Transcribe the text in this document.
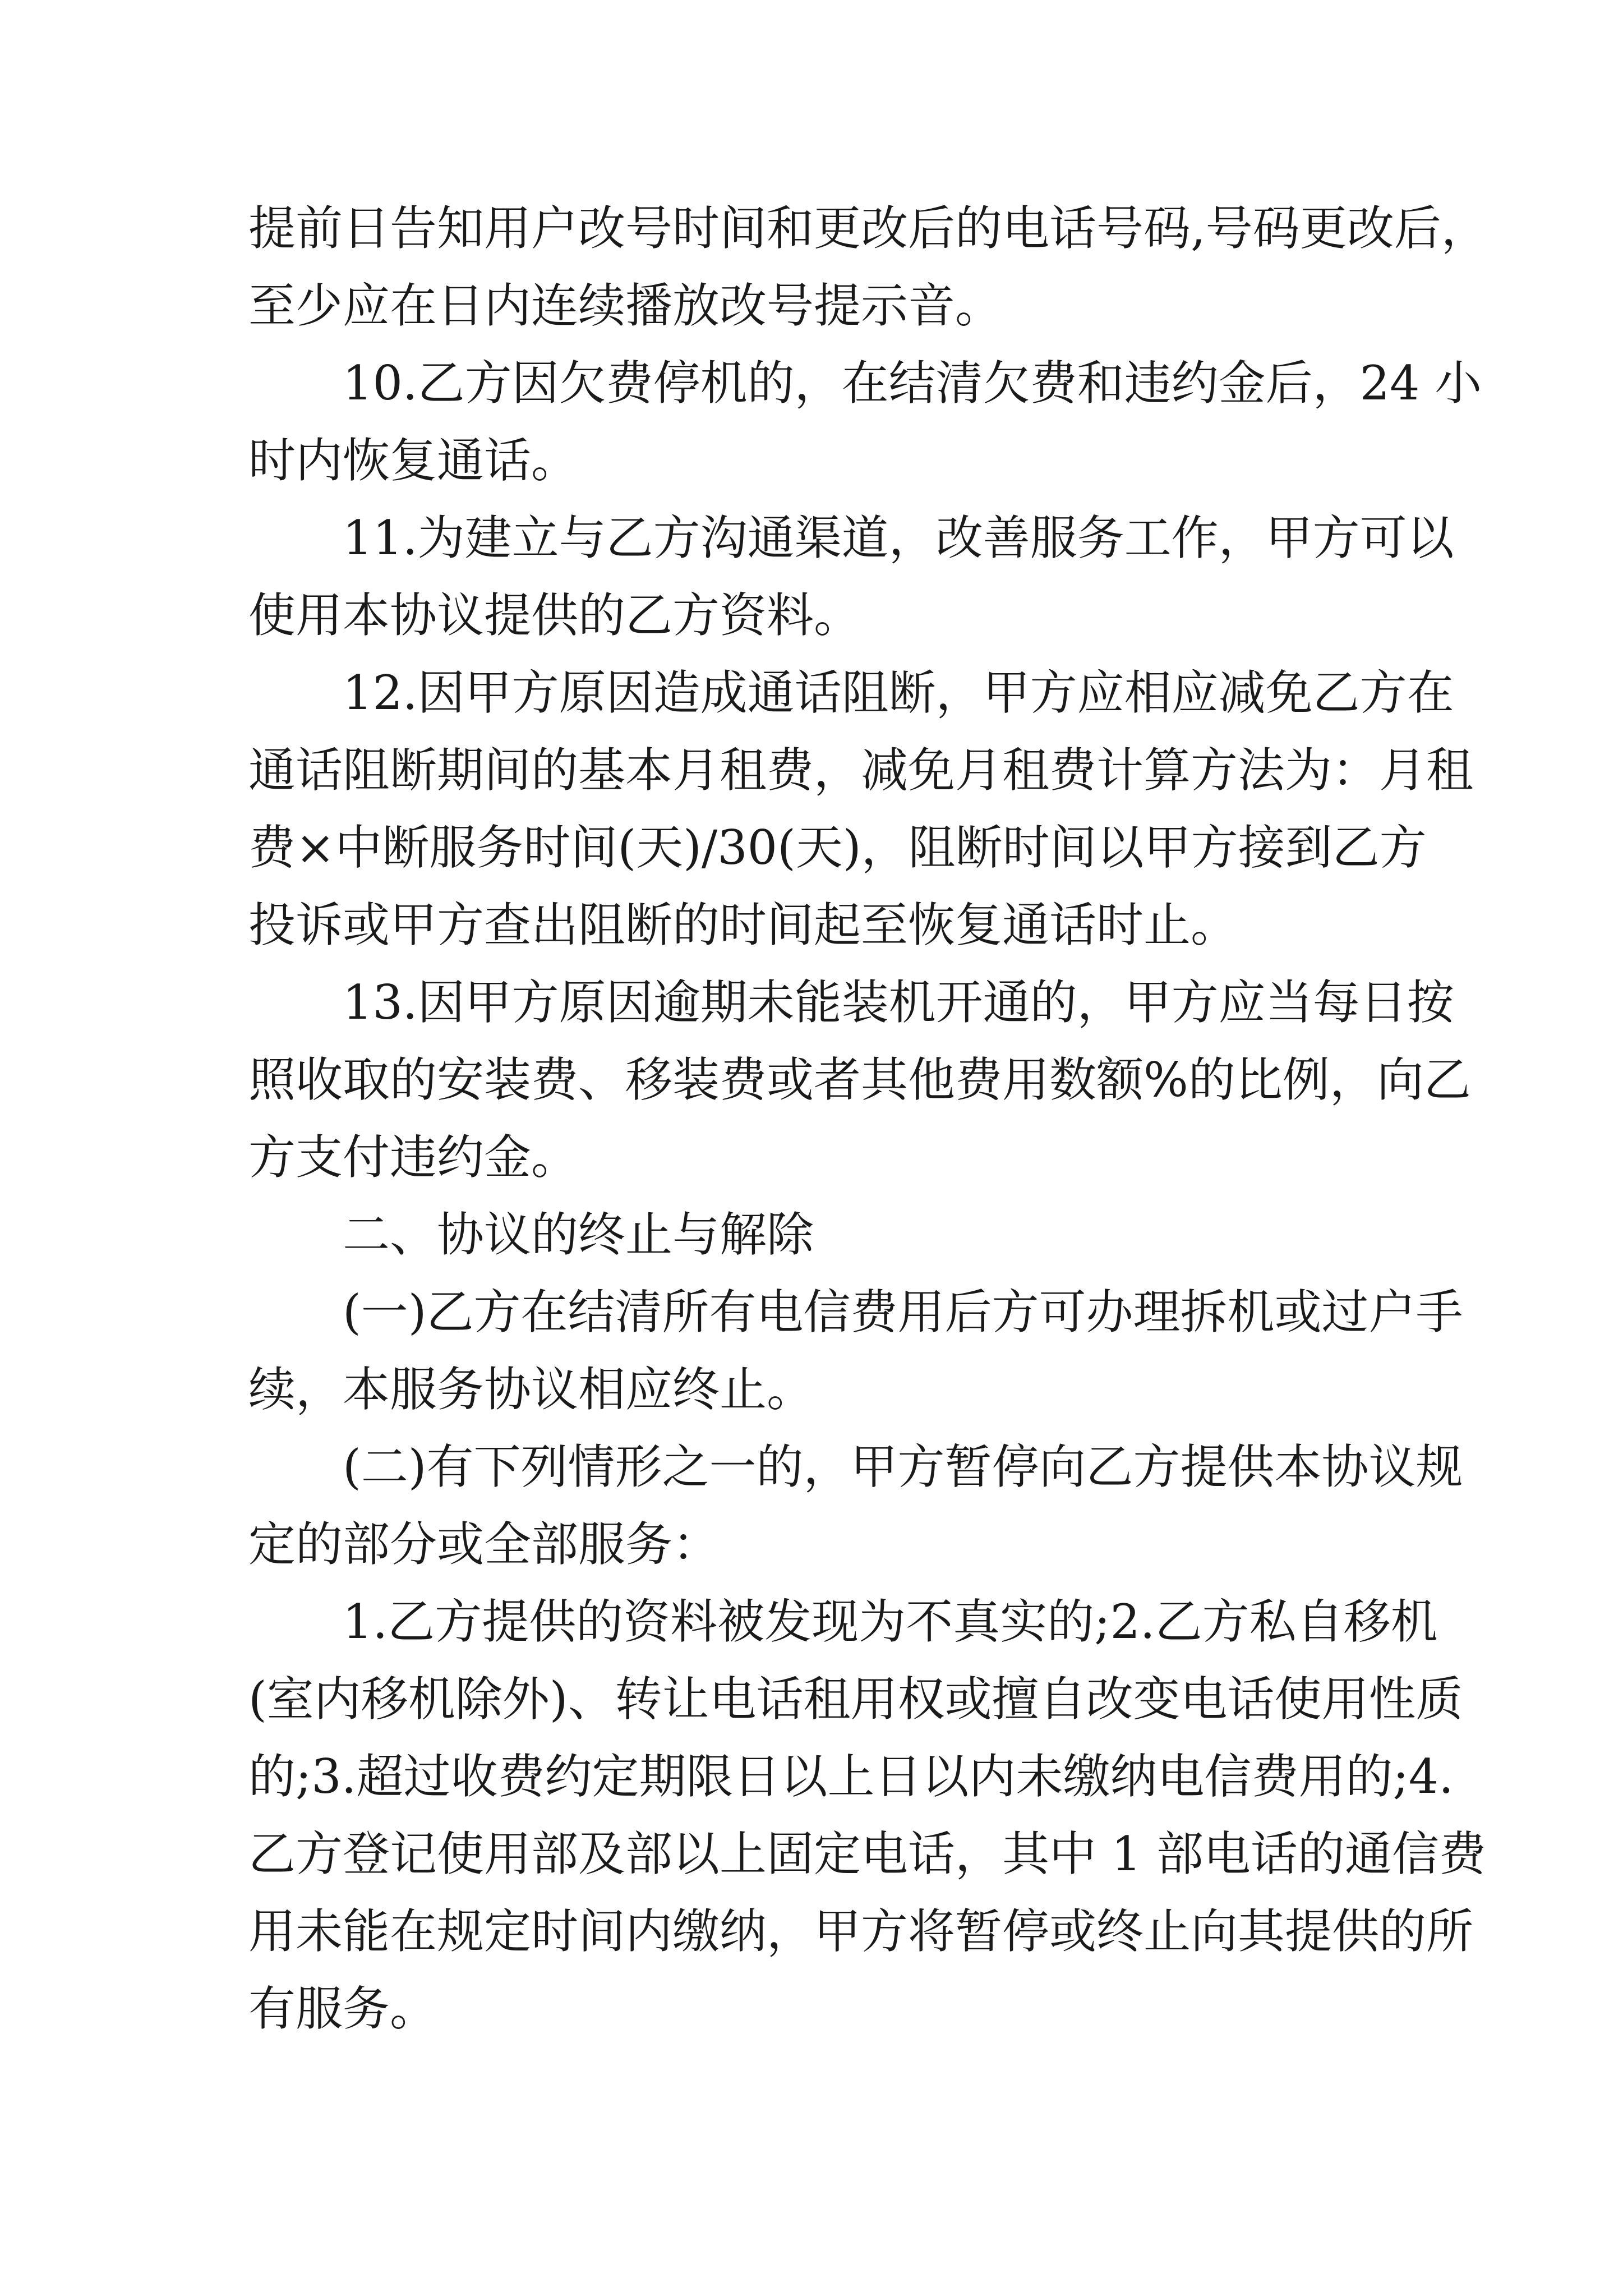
提前日告知用户改号时间和更改后的电话号码,号码更改后，
至少应在日内连续播放改号提示音。

10.乙方因欠费停机的，在结清欠费和违约金后，24 小
时内恢复通话。

11.为建立与乙方沟通渠道，改善服务工作，甲方可以
使用本协议提供的乙方资料。

12.因甲方原因造成通话阻断，甲方应相应减免乙方在
通话阻断期间的基本月租费，减免月租费计算方法为：月租
费×中断服务时间(天)/30(天)，阻断时间以甲方接到乙方
投诉或甲方查出阻断的时间起至恢复通话时止。

13.因甲方原因逾期未能装机开通的，甲方应当每日按
照收取的安装费、移装费或者其他费用数额%的比例，向乙
方支付违约金。

二、协议的终止与解除

(一)乙方在结清所有电信费用后方可办理拆机或过户手
续，本服务协议相应终止。

(二)有下列情形之一的，甲方暂停向乙方提供本协议规
定的部分或全部服务：

1.乙方提供的资料被发现为不真实的;2.乙方私自移机
(室内移机除外)、转让电话租用权或擅自改变电话使用性质
的;3.超过收费约定期限日以上日以内未缴纳电信费用的;4.
乙方登记使用部及部以上固定电话，其中 1 部电话的通信费
用未能在规定时间内缴纳，甲方将暂停或终止向其提供的所
有服务。
